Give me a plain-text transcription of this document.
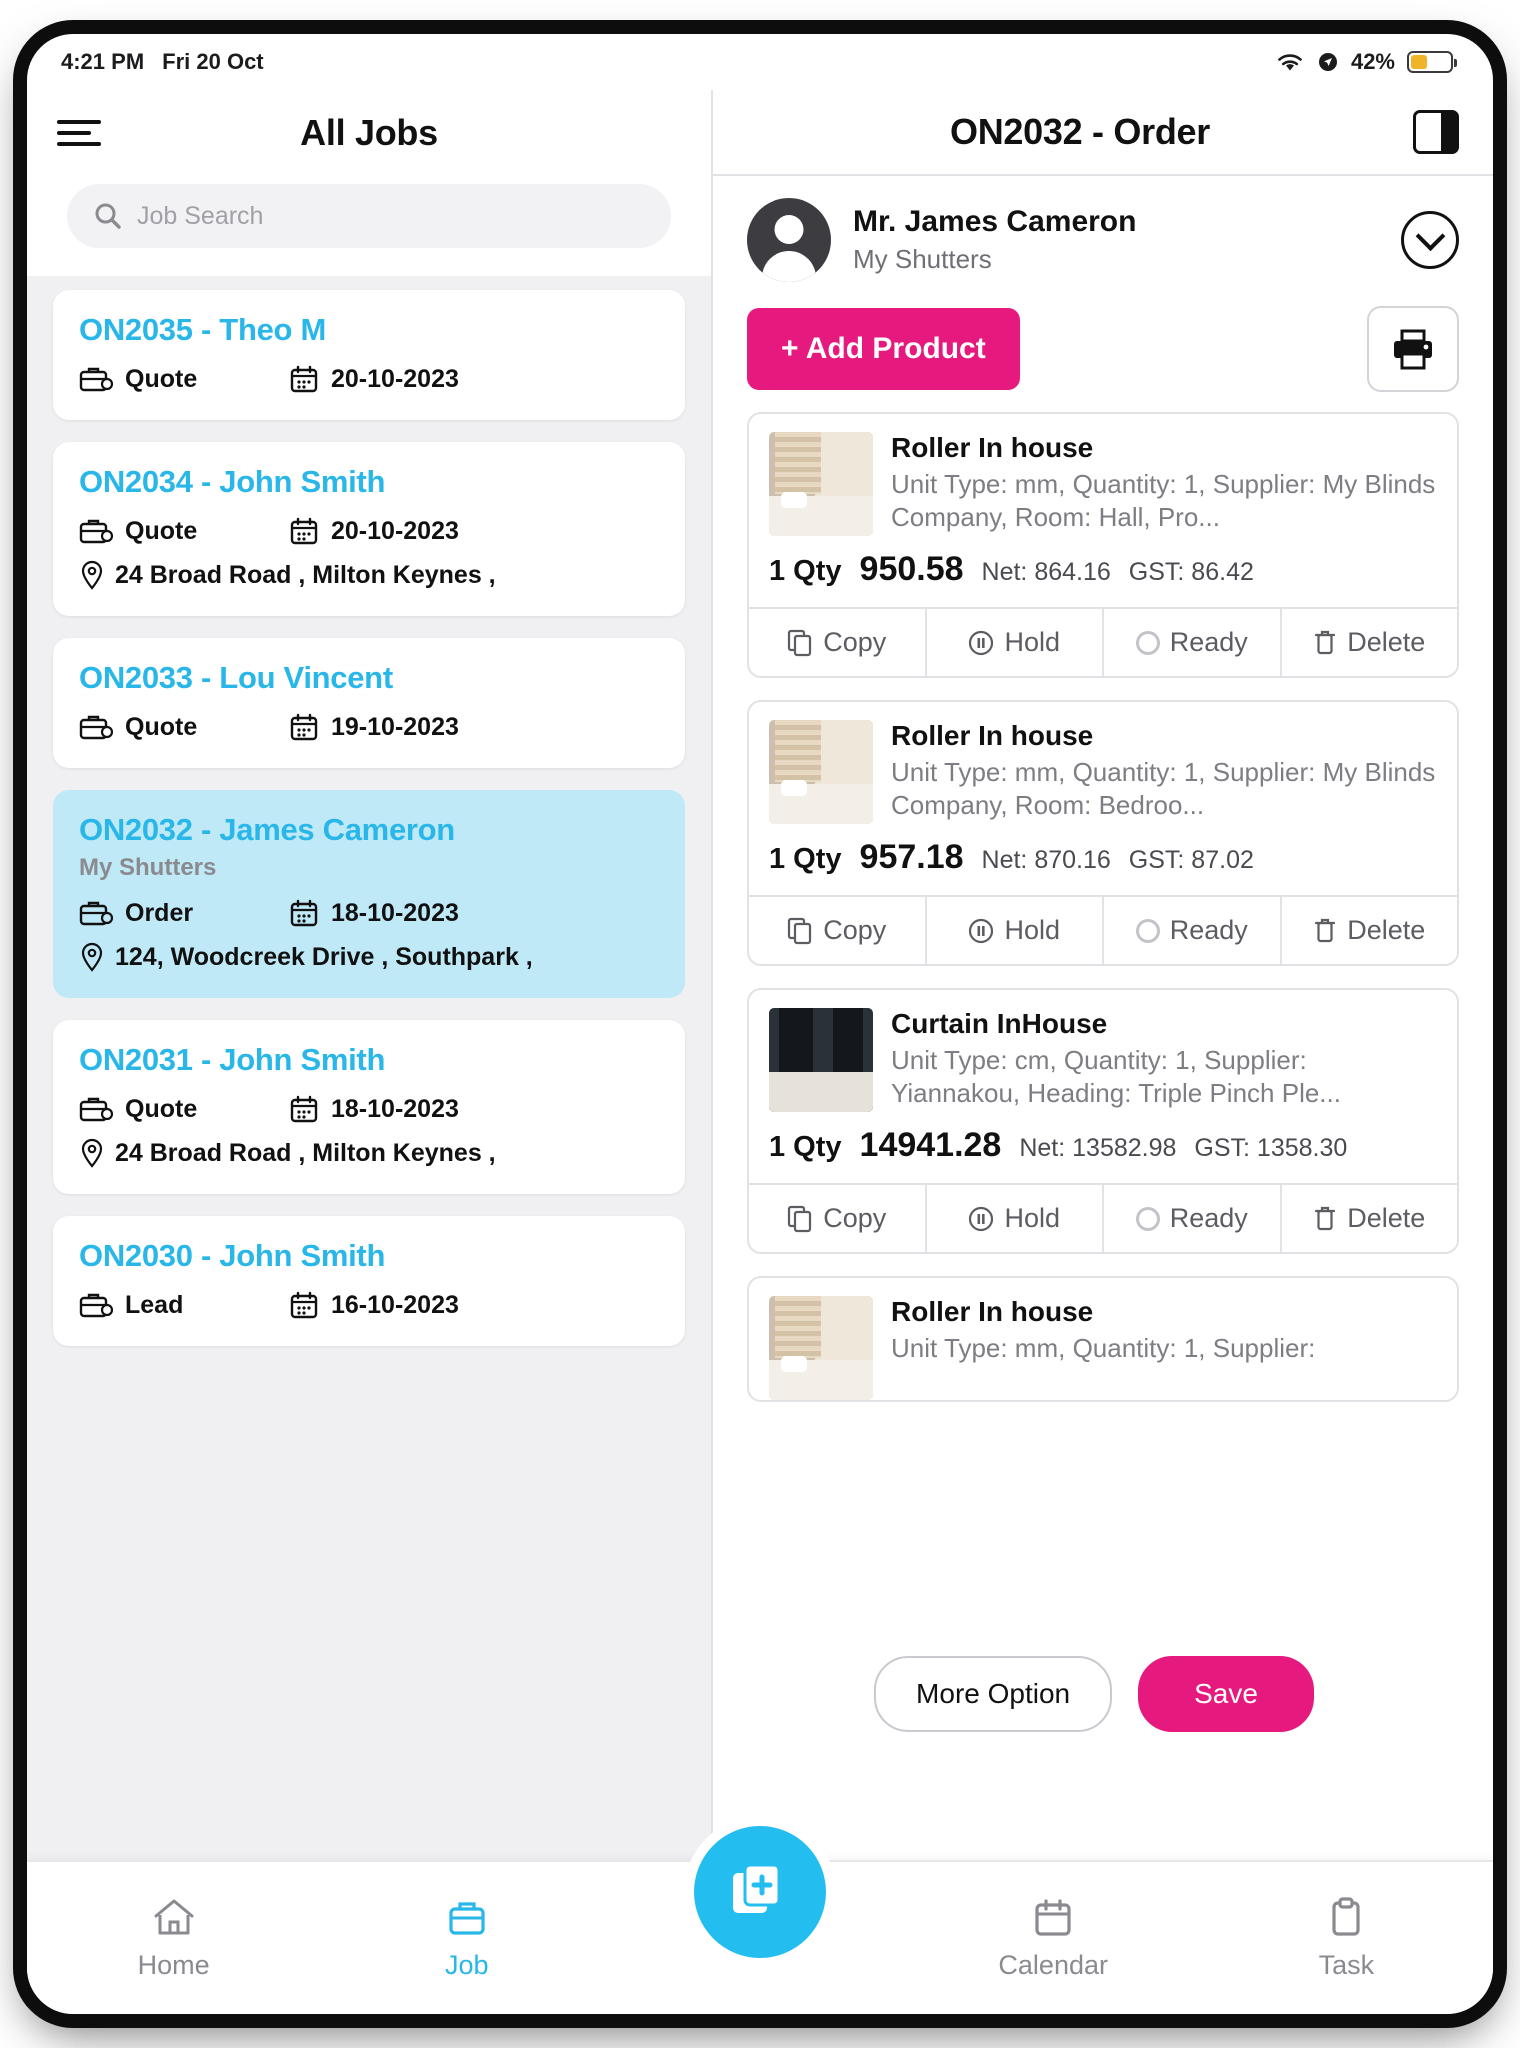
4:21 PM Fri 20 Oct	42%
All Jobs
Job Search
ON2035 - Theo M
Quote	20-10-2023
ON2034 - John Smith
Quote	20-10-2023
24 Broad Road , Milton Keynes ,
ON2033 - Lou Vincent
Quote	19-10-2023
ON2032 - James Cameron
My Shutters
Order	18-10-2023
124, Woodcreek Drive , Southpark ,
ON2031 - John Smith
Quote	18-10-2023
24 Broad Road , Milton Keynes ,
ON2030 - John Smith
Lead	16-10-2023
ON2032 - Order
Mr. James Cameron
My Shutters
+ Add Product
Roller In house
Unit Type: mm, Quantity: 1, Supplier: My Blinds Company, Room: Hall, Pro...
1 Qty 950.58 Net: 864.16 GST: 86.42
Copy	Hold	Ready	Delete
Roller In house
Unit Type: mm, Quantity: 1, Supplier: My Blinds Company, Room: Bedroo...
1 Qty 957.18 Net: 870.16 GST: 87.02
Copy	Hold	Ready	Delete
Curtain InHouse
Unit Type: cm, Quantity: 1, Supplier: Yiannakou, Heading: Triple Pinch Ple...
1 Qty 14941.28 Net: 13582.98 GST: 1358.30
Copy	Hold	Ready	Delete
Roller In house
Unit Type: mm, Quantity: 1, Supplier:
More Option	Save
Home	Job	Calendar	Task
